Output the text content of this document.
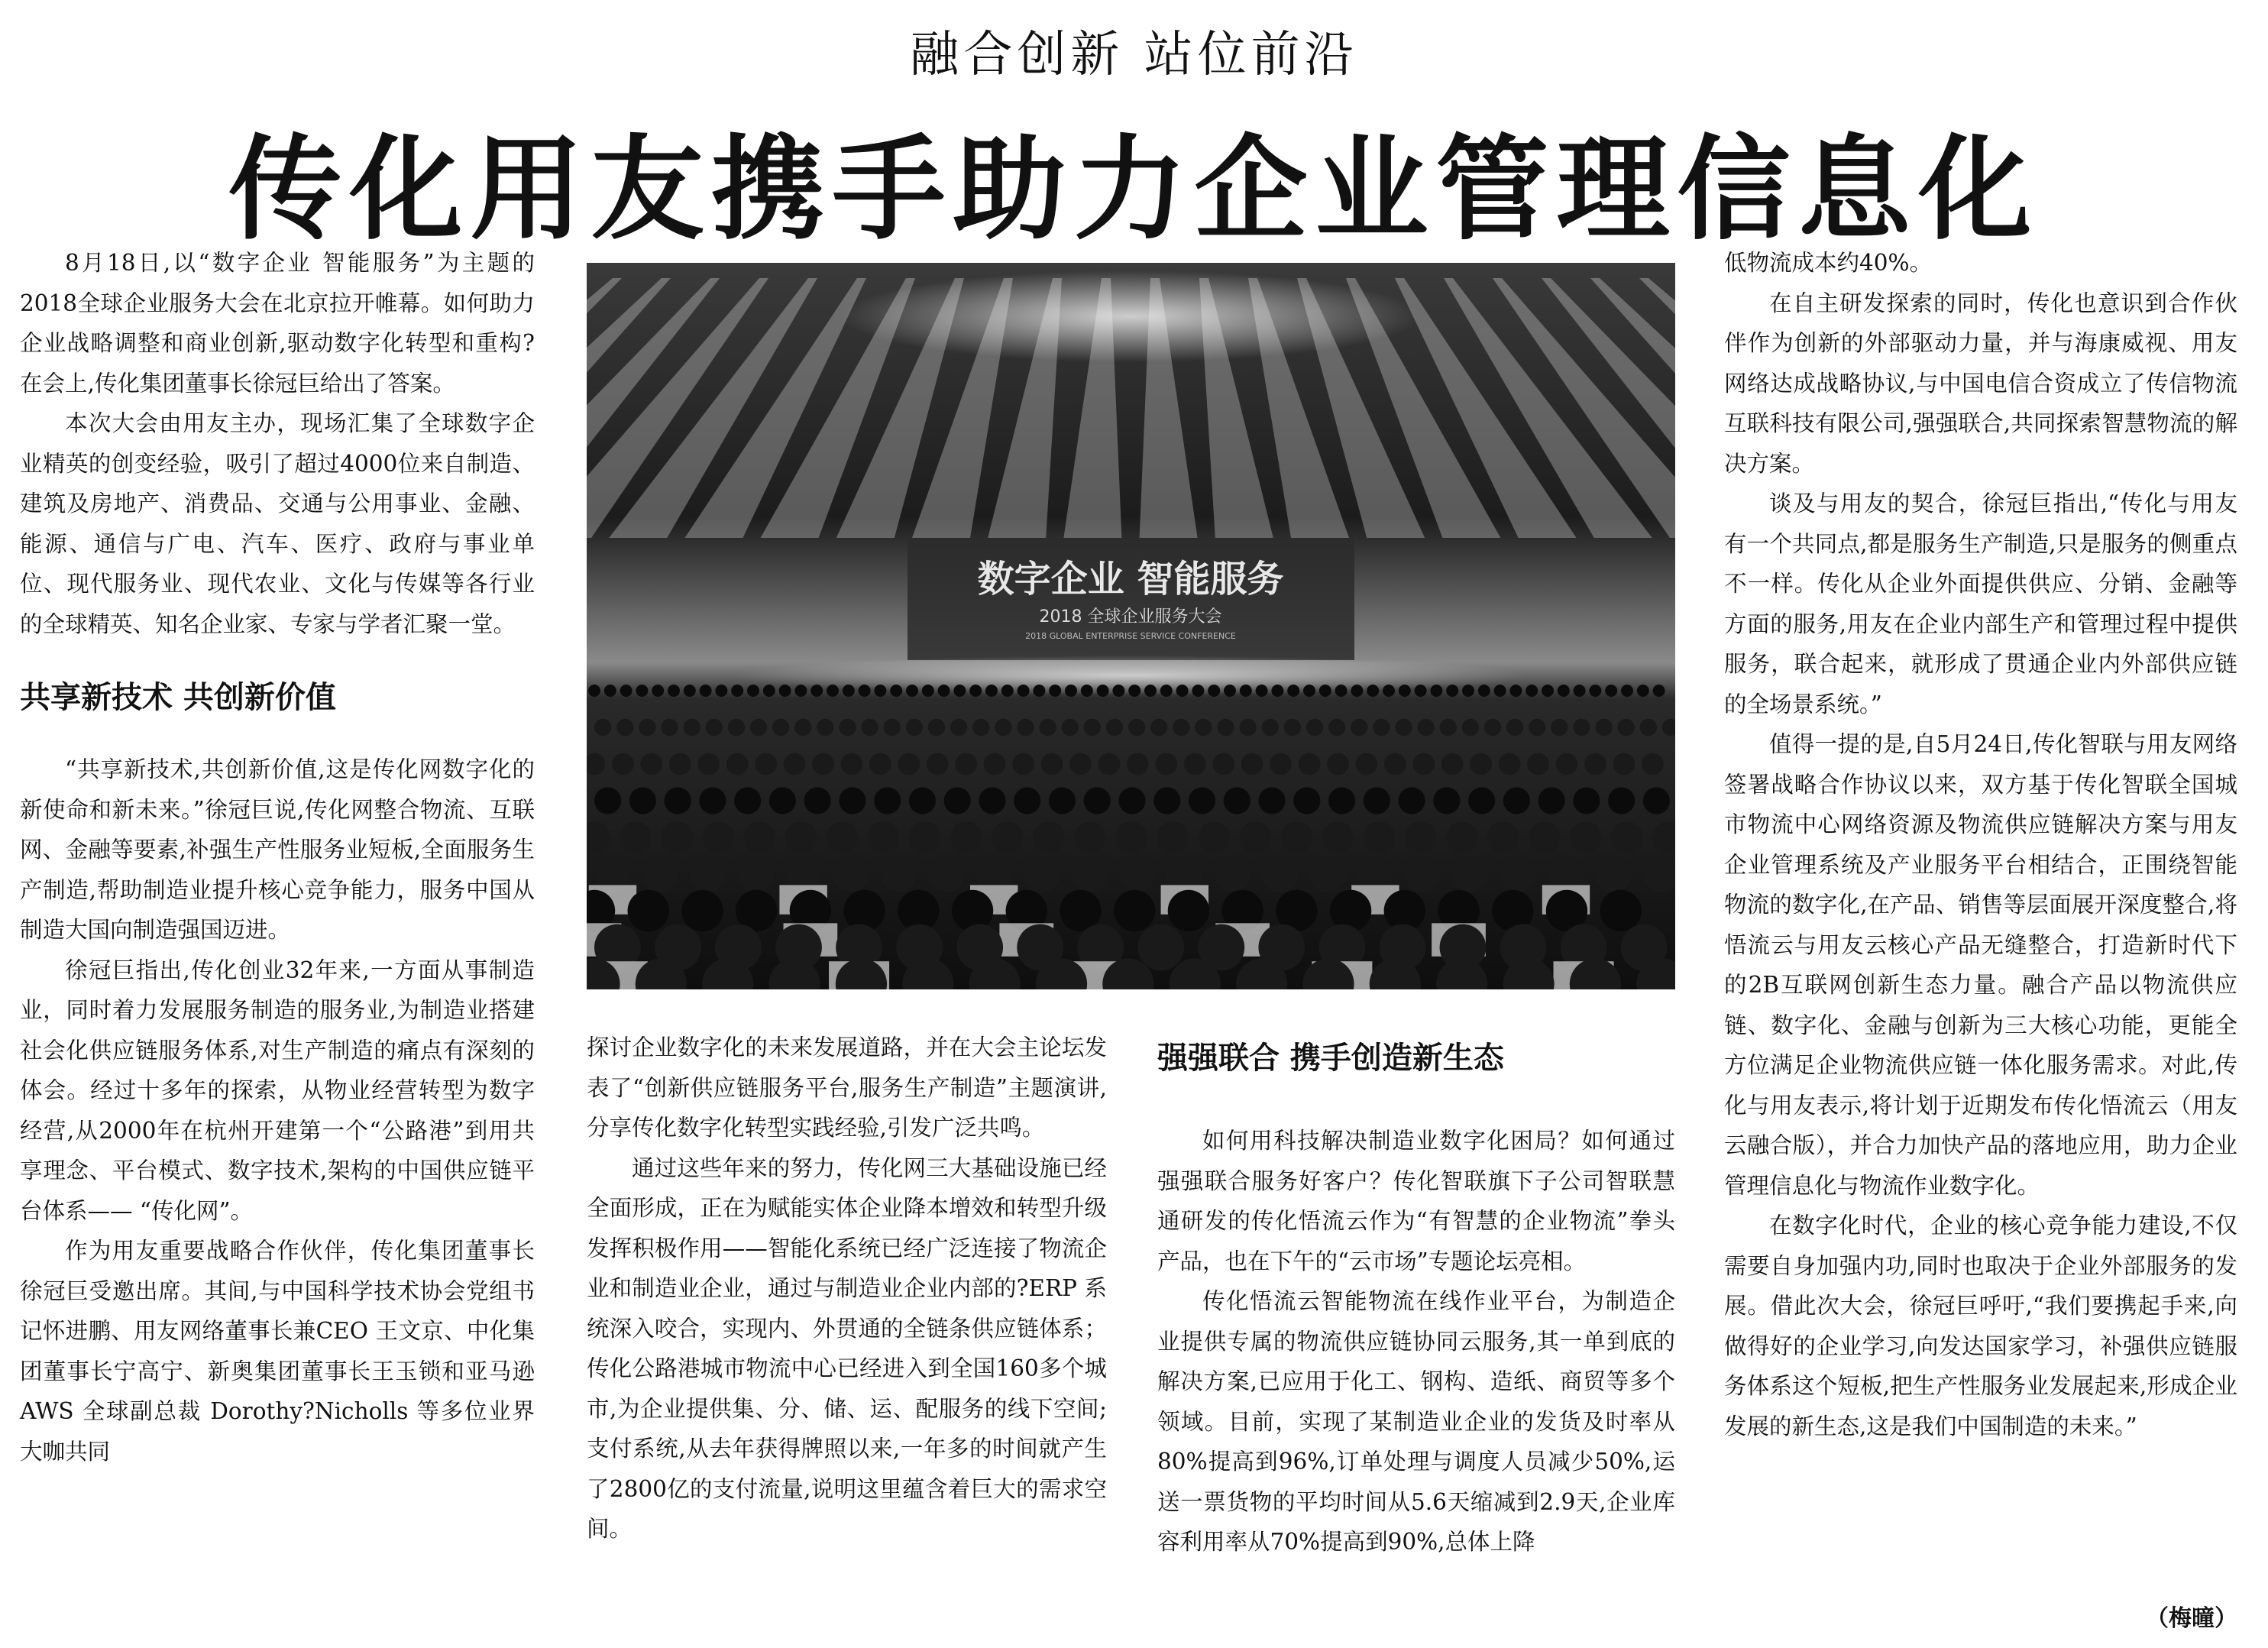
融合创新 站位前沿
传化用友携手助力企业管理信息化

8月18日,以“数字企业 智能服务”为主题的2018全球企业服务大会在北京拉开帷幕。如何助力企业战略调整和商业创新,驱动数字化转型和重构?在会上,传化集团董事长徐冠巨给出了答案。

本次大会由用友主办，现场汇集了全球数字企业精英的创变经验，吸引了超过4000位来自制造、建筑及房地产、消费品、交通与公用事业、金融、能源、通信与广电、汽车、医疗、政府与事业单位、现代服务业、现代农业、文化与传媒等各行业的全球精英、知名企业家、专家与学者汇聚一堂。

共享新技术 共创新价值

“共享新技术,共创新价值,这是传化网数字化的新使命和新未来。”徐冠巨说,传化网整合物流、互联网、金融等要素,补强生产性服务业短板,全面服务生产制造,帮助制造业提升核心竞争能力，服务中国从制造大国向制造强国迈进。

徐冠巨指出,传化创业32年来,一方面从事制造业，同时着力发展服务制造的服务业,为制造业搭建社会化供应链服务体系,对生产制造的痛点有深刻的体会。经过十多年的探索，从物业经营转型为数字经营,从2000年在杭州开建第一个“公路港”到用共享理念、平台模式、数字技术,架构的中国供应链平台体系—— “传化网”。

作为用友重要战略合作伙伴，传化集团董事长徐冠巨受邀出席。其间,与中国科学技术协会党组书记怀进鹏、用友网络董事长兼CEO 王文京、中化集团董事长宁高宁、新奥集团董事长王玉锁和亚马逊 AWS 全球副总裁 Dorothy?Nicholls 等多位业界大咖共同

数字企业 智能服务
2018 全球企业服务大会
2018 GLOBAL ENTERPRISE SERVICE CONFERENCE

探讨企业数字化的未来发展道路，并在大会主论坛发表了“创新供应链服务平台,服务生产制造”主题演讲,分享传化数字化转型实践经验,引发广泛共鸣。

通过这些年来的努力，传化网三大基础设施已经全面形成，正在为赋能实体企业降本增效和转型升级发挥积极作用——智能化系统已经广泛连接了物流企业和制造业企业，通过与制造业企业内部的?ERP 系统深入咬合，实现内、外贯通的全链条供应链体系；传化公路港城市物流中心已经进入到全国160多个城市,为企业提供集、分、储、运、配服务的线下空间;支付系统,从去年获得牌照以来,一年多的时间就产生了2800亿的支付流量,说明这里蕴含着巨大的需求空间。

强强联合 携手创造新生态

如何用科技解决制造业数字化困局？如何通过强强联合服务好客户？传化智联旗下子公司智联慧通研发的传化悟流云作为“有智慧的企业物流”拳头产品，也在下午的“云市场”专题论坛亮相。

传化悟流云智能物流在线作业平台，为制造企业提供专属的物流供应链协同云服务,其一单到底的解决方案,已应用于化工、钢构、造纸、商贸等多个领域。目前，实现了某制造业企业的发货及时率从80%提高到96%,订单处理与调度人员减少50%,运送一票货物的平均时间从5.6天缩减到2.9天,企业库容利用率从70%提高到90%,总体上降

低物流成本约40%。

在自主研发探索的同时，传化也意识到合作伙伴作为创新的外部驱动力量，并与海康威视、用友网络达成战略协议,与中国电信合资成立了传信物流互联科技有限公司,强强联合,共同探索智慧物流的解决方案。

谈及与用友的契合，徐冠巨指出,“传化与用友有一个共同点,都是服务生产制造,只是服务的侧重点不一样。传化从企业外面提供供应、分销、金融等方面的服务,用友在企业内部生产和管理过程中提供服务，联合起来，就形成了贯通企业内外部供应链的全场景系统。”

值得一提的是,自5月24日,传化智联与用友网络签署战略合作协议以来，双方基于传化智联全国城市物流中心网络资源及物流供应链解决方案与用友企业管理系统及产业服务平台相结合，正围绕智能物流的数字化,在产品、销售等层面展开深度整合,将悟流云与用友云核心产品无缝整合，打造新时代下的2B互联网创新生态力量。融合产品以物流供应链、数字化、金融与创新为三大核心功能，更能全方位满足企业物流供应链一体化服务需求。对此,传化与用友表示,将计划于近期发布传化悟流云（用友云融合版），并合力加快产品的落地应用，助力企业管理信息化与物流作业数字化。

在数字化时代，企业的核心竞争能力建设,不仅需要自身加强内功,同时也取决于企业外部服务的发展。借此次大会，徐冠巨呼吁,“我们要携起手来,向做得好的企业学习,向发达国家学习，补强供应链服务体系这个短板,把生产性服务业发展起来,形成企业发展的新生态,这是我们中国制造的未来。”

（梅曈）
